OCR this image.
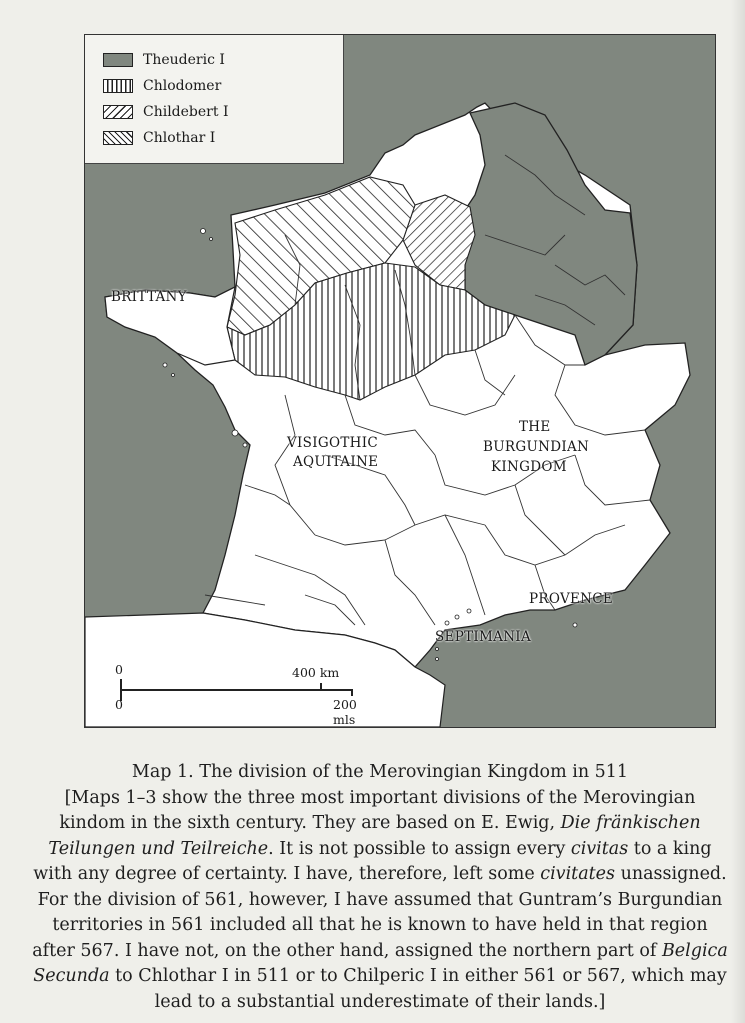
Theuderic I
Chlodomer
Childebert I
Chlothar I
BRITTANY
VISIGOTHIC
AQUITAINE
THE
BURGUNDIAN
KINGDOM
PROVENCE
SEPTIMANIA
0	400 km
0	200 mls

Map 1. The division of the Merovingian Kingdom in 511

[Maps 1–3 show the three most important divisions of the Merovingian kindom in the sixth century. They are based on E. Ewig, Die fränkischen Teilungen und Teilreiche. It is not possible to assign every civitas to a king with any degree of certainty. I have, therefore, left some civitates unassigned. For the division of 561, however, I have assumed that Guntram’s Burgundian territories in 561 included all that he is known to have held in that region after 567. I have not, on the other hand, assigned the northern part of Belgica Secunda to Chlothar I in 511 or to Chilperic I in either 561 or 567, which may lead to a substantial underestimate of their lands.]
